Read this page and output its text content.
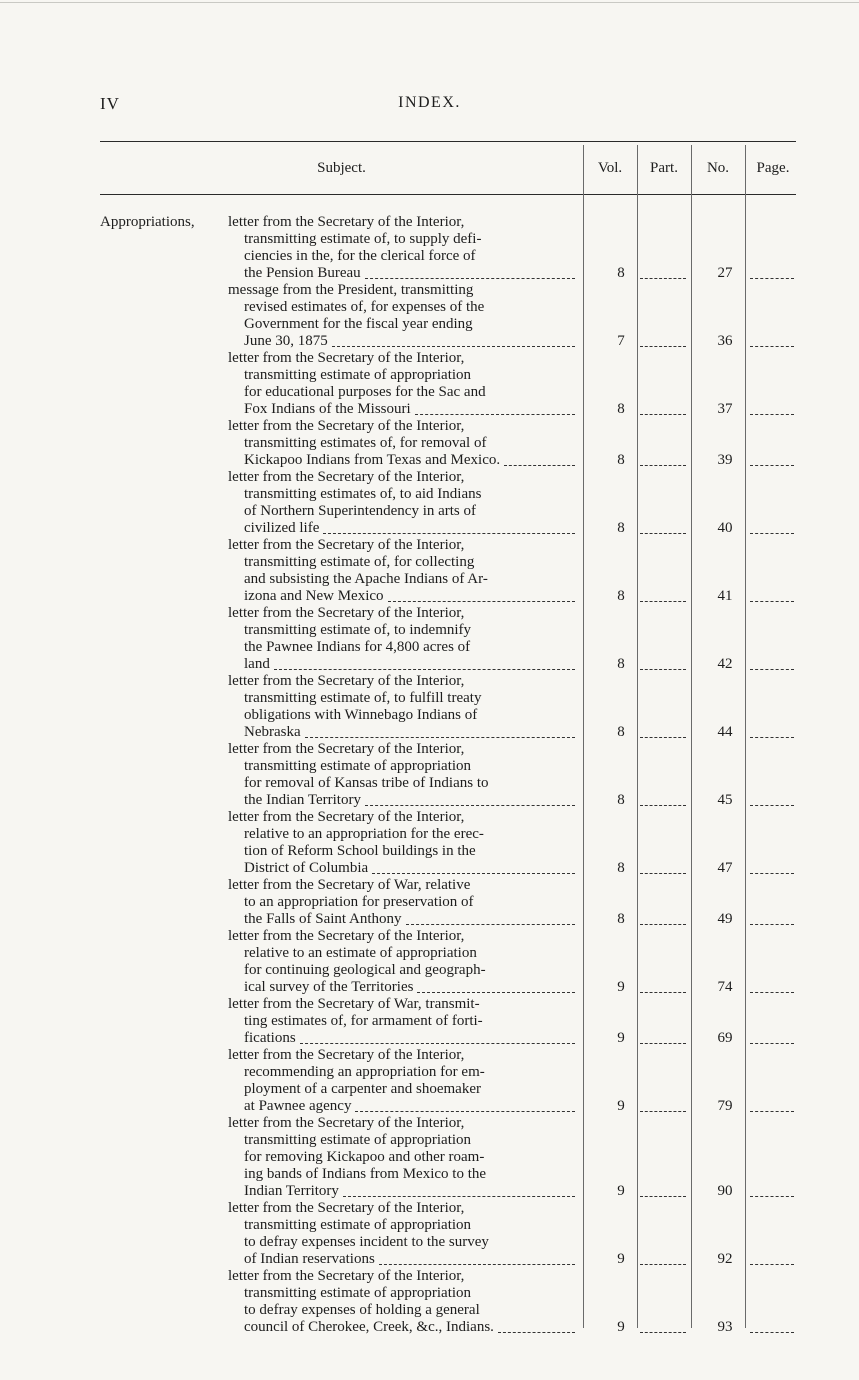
IV	INDEX.
Subject.	Vol.	Part.	No.	Page.
Appropriations, letter from the Secretary of the Interior,
transmitting estimate of, to supply defi-
ciencies in the, for the clerical force of
the Pension Bureau	8	27
message from the President, transmitting
revised estimates of, for expenses of the
Government for the fiscal year ending
June 30, 1875	7	36
letter from the Secretary of the Interior,
transmitting estimate of appropriation
for educational purposes for the Sac and
Fox Indians of the Missouri	8	37
letter from the Secretary of the Interior,
transmitting estimates of, for removal of
Kickapoo Indians from Texas and Mexico.	8	39
letter from the Secretary of the Interior,
transmitting estimates of, to aid Indians
of Northern Superintendency in arts of
civilized life	8	40
letter from the Secretary of the Interior,
transmitting estimate of, for collecting
and subsisting the Apache Indians of Ar-
izona and New Mexico	8	41
letter from the Secretary of the Interior,
transmitting estimate of, to indemnify
the Pawnee Indians for 4,800 acres of
land	8	42
letter from the Secretary of the Interior,
transmitting estimate of, to fulfill treaty
obligations with Winnebago Indians of
Nebraska	8	44
letter from the Secretary of the Interior,
transmitting estimate of appropriation
for removal of Kansas tribe of Indians to
the Indian Territory	8	45
letter from the Secretary of the Interior,
relative to an appropriation for the erec-
tion of Reform School buildings in the
District of Columbia	8	47
letter from the Secretary of War, relative
to an appropriation for preservation of
the Falls of Saint Anthony	8	49
letter from the Secretary of the Interior,
relative to an estimate of appropriation
for continuing geological and geograph-
ical survey of the Territories	9	74
letter from the Secretary of War, transmit-
ting estimates of, for armament of forti-
fications	9	69
letter from the Secretary of the Interior,
recommending an appropriation for em-
ployment of a carpenter and shoemaker
at Pawnee agency	9	79
letter from the Secretary of the Interior,
transmitting estimate of appropriation
for removing Kickapoo and other roam-
ing bands of Indians from Mexico to the
Indian Territory	9	90
letter from the Secretary of the Interior,
transmitting estimate of appropriation
to defray expenses incident to the survey
of Indian reservations	9	92
letter from the Secretary of the Interior,
transmitting estimate of appropriation
to defray expenses of holding a general
council of Cherokee, Creek, &c., Indians.	9	93
